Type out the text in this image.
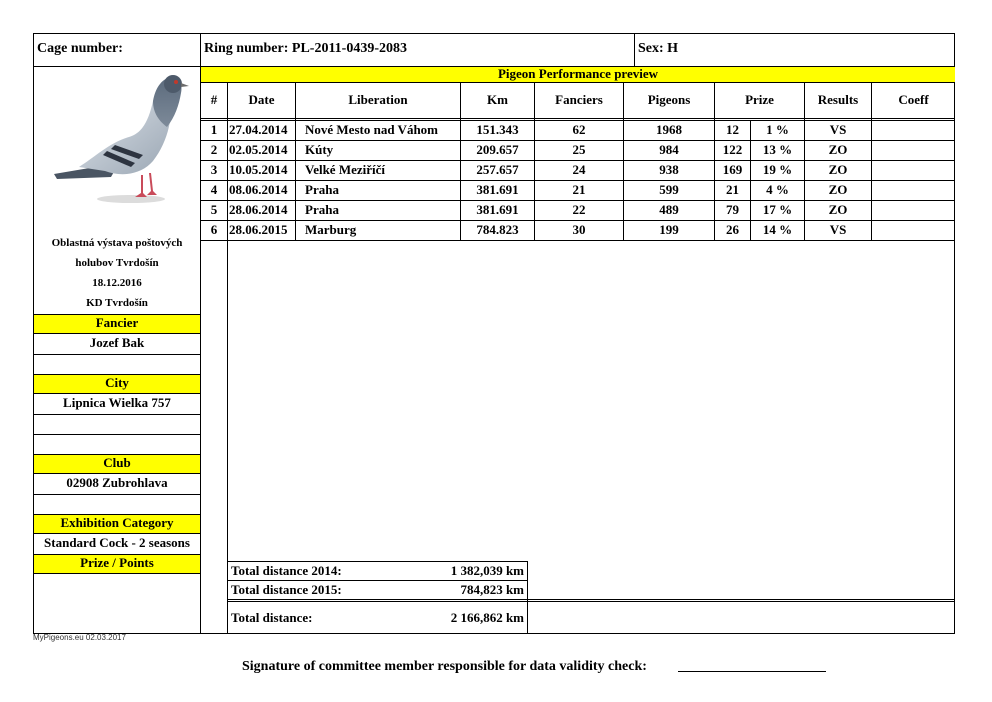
Pigeon Performance preview
Cage number:	Ring number: PL-2011-0439-2083	Sex: H
Oblastná výstava poštových
holubov Tvrdošín
18.12.2016
KD Tvrdošín
Fancier
Jozef Bak
City
Lipnica Wielka 757
Club
02908 Zubrohlava
Exhibition Category
Standard Cock - 2 seasons
Prize / Points
#	Date	Liberation	Km	Fanciers	Pigeons	Prize	Results	Coeff
1 27.04.2014 Nové Mesto nad Váhom	151.343	62	1968	12	1 %	VS
2 02.05.2014 Kúty	209.657	25	984	122	13 %	ZO
3 10.05.2014 Velké Meziříčí	257.657	24	938	169	19 %	ZO
4 08.06.2014 Praha	381.691	21	599	21	4 %	ZO
5 28.06.2014 Praha	381.691	22	489	79	17 %	ZO
6 28.06.2015 Marburg	784.823	30	199	26	14 %	VS
Total distance 2014:	1 382,039 km
Total distance 2015:	784,823 km
Total distance:	2 166,862 km
MyPigeons.eu 02.03.2017
Signature of committee member responsible for data validity check:
